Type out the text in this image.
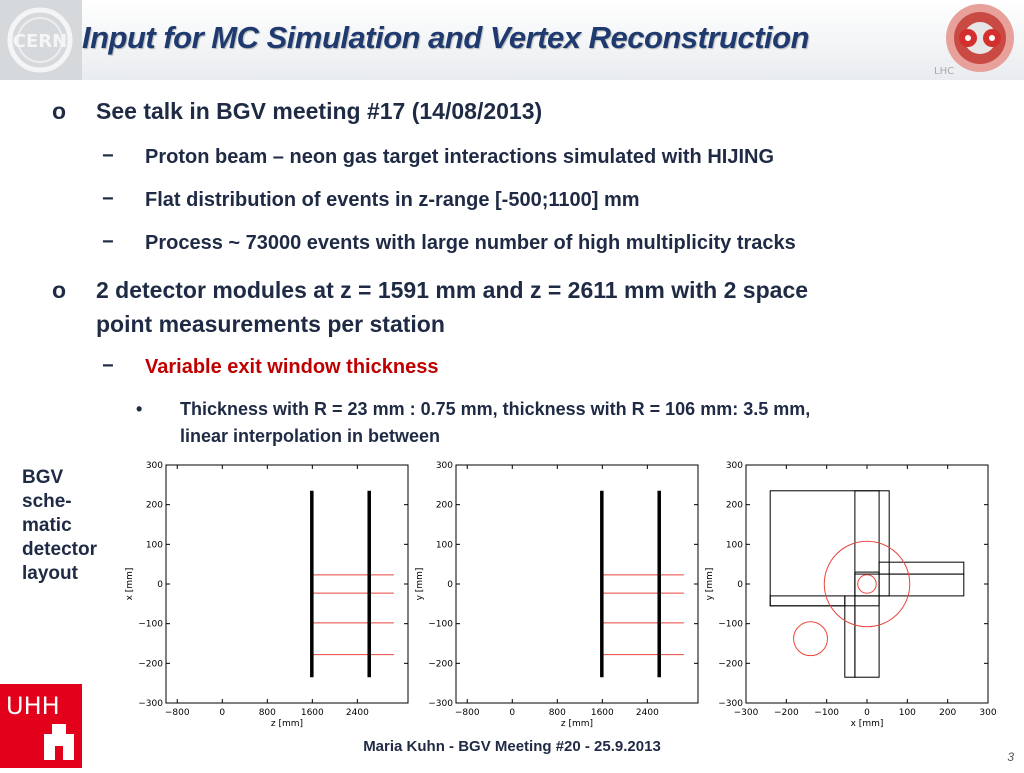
CERN Input for MC Simulation and Vertex Reconstruction
LHC
o See talk in BGV meeting #17 (14/08/2013)
− Proton beam – neon gas target interactions simulated with HIJING
− Flat distribution of events in z-range [-500;1100] mm
− Process ~ 73000 events with large number of high multiplicity tracks
o 2 detector modules at z = 1591 mm and z = 2611 mm with 2 space
point measurements per station
− Variable exit window thickness
• Thickness with R = 23 mm : 0.75 mm, thickness with R = 106 mm: 3.5 mm,
linear interpolation in between
BGV
sche-
matic
detector
layout
−800	0	800	1600 2400
−300
−200
−100
0
100
200
300
z [mm]
x [mm]
−800	0	800	1600 2400
−300
−200
−100
0
100
200
300
z [mm]
y [mm]
−300 −200 −100	0	100	200	300
−300
−200
−100
0
100
200
300
x [mm]
y [mm]
UHH
Maria Kuhn - BGV Meeting #20 - 25.9.2013
3
